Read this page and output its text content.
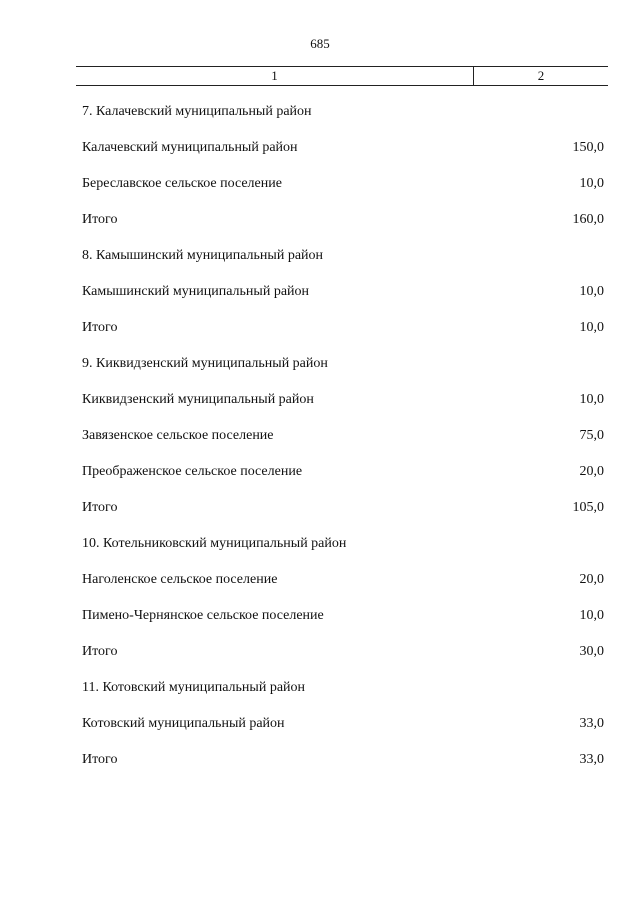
685
1	2
7. Калачевский муниципальный район
Калачевский муниципальный район	150,0
Береславское сельское поселение	10,0
Итого	160,0
8. Камышинский муниципальный район
Камышинский муниципальный район	10,0
Итого	10,0
9. Киквидзенский муниципальный район
Киквидзенский муниципальный район	10,0
Завязенское сельское поселение	75,0
Преображенское сельское поселение	20,0
Итого	105,0
10. Котельниковский муниципальный район
Наголенское сельское поселение	20,0
Пимено-Чернянское сельское поселение	10,0
Итого	30,0
11. Котовский муниципальный район
Котовский муниципальный район	33,0
Итого	33,0
